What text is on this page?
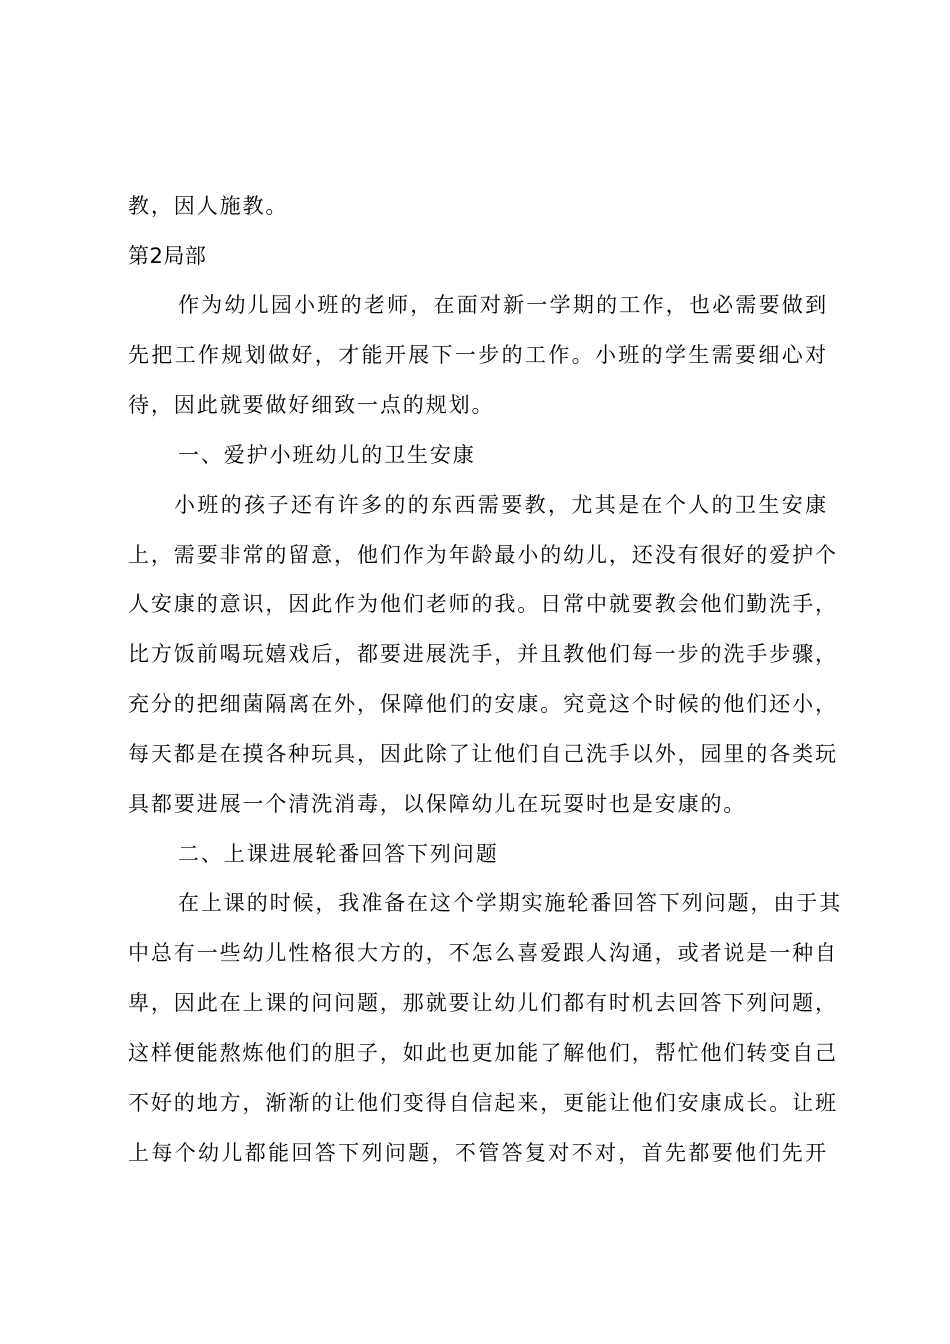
教，因人施教。
第2局部
作为幼儿园小班的老师，在面对新一学期的工作，也必需要做到
先把工作规划做好，才能开展下一步的工作。小班的学生需要细心对
待，因此就要做好细致一点的规划。
一、爱护小班幼儿的卫生安康
小班的孩子还有许多的的东西需要教，尤其是在个人的卫生安康
上，需要非常的留意，他们作为年龄最小的幼儿，还没有很好的爱护个
人安康的意识，因此作为他们老师的我。日常中就要教会他们勤洗手，
比方饭前喝玩嬉戏后，都要进展洗手，并且教他们每一步的洗手步骤，
充分的把细菌隔离在外，保障他们的安康。究竟这个时候的他们还小，
每天都是在摸各种玩具，因此除了让他们自己洗手以外，园里的各类玩
具都要进展一个清洗消毒，以保障幼儿在玩耍时也是安康的。
二、上课进展轮番回答下列问题
在上课的时候，我准备在这个学期实施轮番回答下列问题，由于其
中总有一些幼儿性格很大方的，不怎么喜爱跟人沟通，或者说是一种自
卑，因此在上课的问问题，那就要让幼儿们都有时机去回答下列问题，
这样便能熬炼他们的胆子，如此也更加能了解他们，帮忙他们转变自己
不好的地方，渐渐的让他们变得自信起来，更能让他们安康成长。让班
上每个幼儿都能回答下列问题，不管答复对不对，首先都要他们先开
